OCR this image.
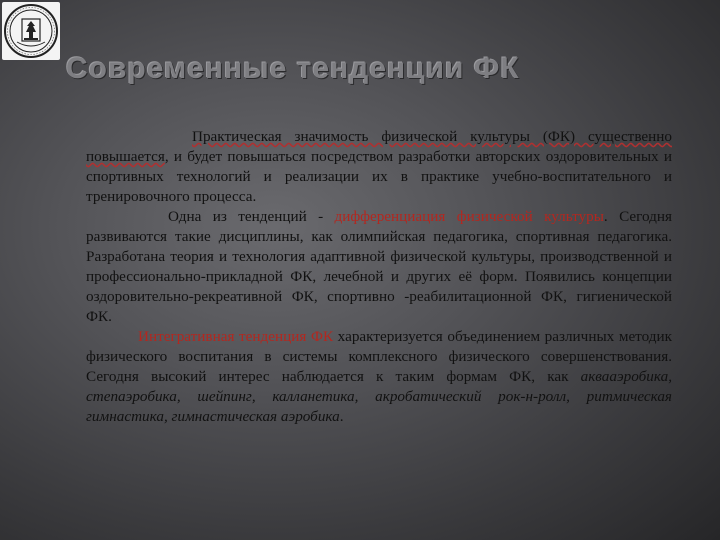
Современные тенденции ФК

Практическая значимость физической культуры (ФК) существенно повышается, и будет повышаться посредством разработки авторских оздоровительных и спортивных технологий и реализации их в практике учебно-воспитательного и тренировочного процесса.

Одна из тенденций - дифференциация физической культуры. Сегодня развиваются такие дисциплины, как олимпийская педагогика, спортивная педагогика. Разработана теория и технология адаптивной физической культуры, производственной и профессионально-прикладной ФК, лечебной и других её форм. Появились концепции оздоровительно-рекреативной ФК, спортивно -реабилитационной ФК, гигиенической ФК.

Интегративная тенденция ФК характеризуется объединением различных методик физического воспитания в системы комплексного физического совершенствования. Сегодня высокий интерес наблюдается к таким формам ФК, как аквааэробика, степаэробика, шейпинг, калланетика, акробатический рок-н-ролл, ритмическая гимнастика, гимнастическая аэробика.
